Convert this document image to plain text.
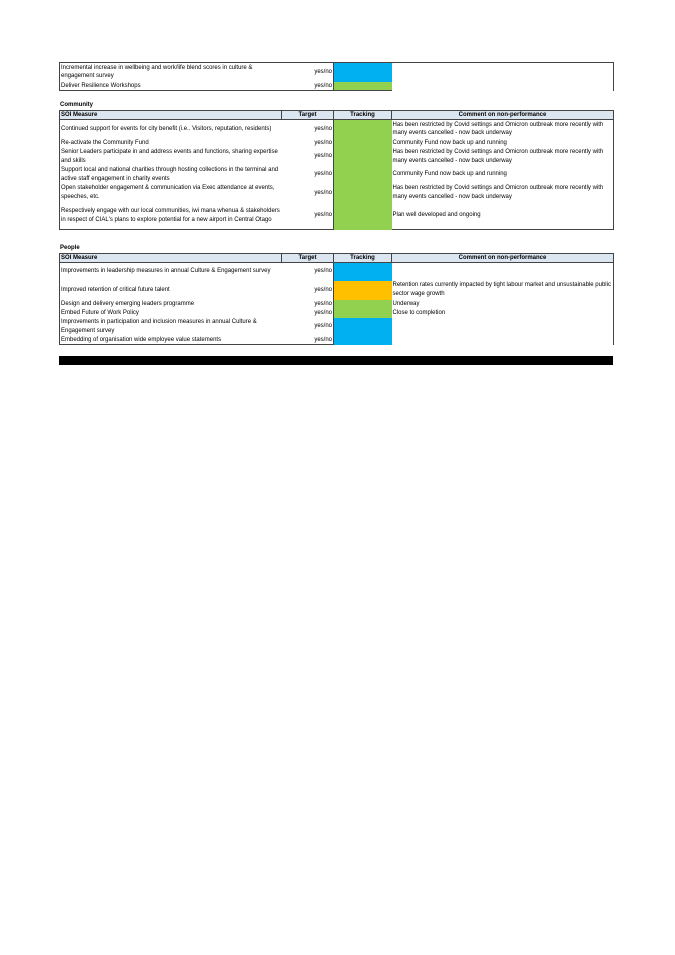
Incremental increase in wellbeing and work/life blend scores in culture & engagement survey	yes/no		
Deliver Resilience Workshops	yes/no		
Community
SOI Measure	Target	Tracking	Comment on non-performance
Continued support for events for city benefit (i.e.. Visitors, reputation, residents)	yes/no		Has been restricted by Covid settings and Omicron outbreak more recently with many events cancelled - now back underway
Re-activate the Community Fund	yes/no		Community Fund now back up and running
Senior Leaders participate in and address events and functions, sharing expertise and skills	yes/no		Has been restricted by Covid settings and Omicron outbreak more recently with many events cancelled - now back underway
Support local and national charities through hosting collections in the terminal and active staff engagement in charity events	yes/no		Community Fund now back up and running
Open stakeholder engagement & communication via Exec attendance at events, speeches, etc.	yes/no		Has been restricted by Covid settings and Omicron outbreak more recently with many events cancelled - now back underway
Respectively engage with our local communities, iwi mana whenua & stakeholders in respect of CIAL's plans to explore potential for a new airport in Central Otago	yes/no		Plan well developed and ongoing
People
SOI Measure	Target	Tracking	Comment on non-performance
Improvements in leadership measures in annual Culture & Engagement survey	yes/no		
Improved retention of critical future talent	yes/no		Retention rates currently impacted by tight labour market and unsustainable public sector wage growth
Design and delivery emerging leaders programme	yes/no		Underway
Embed Future of Work Policy	yes/no		Close to completion
Improvements in participation and inclusion measures in annual Culture & Engagement survey	yes/no		
Embedding of organisation wide employee value statements	yes/no		
